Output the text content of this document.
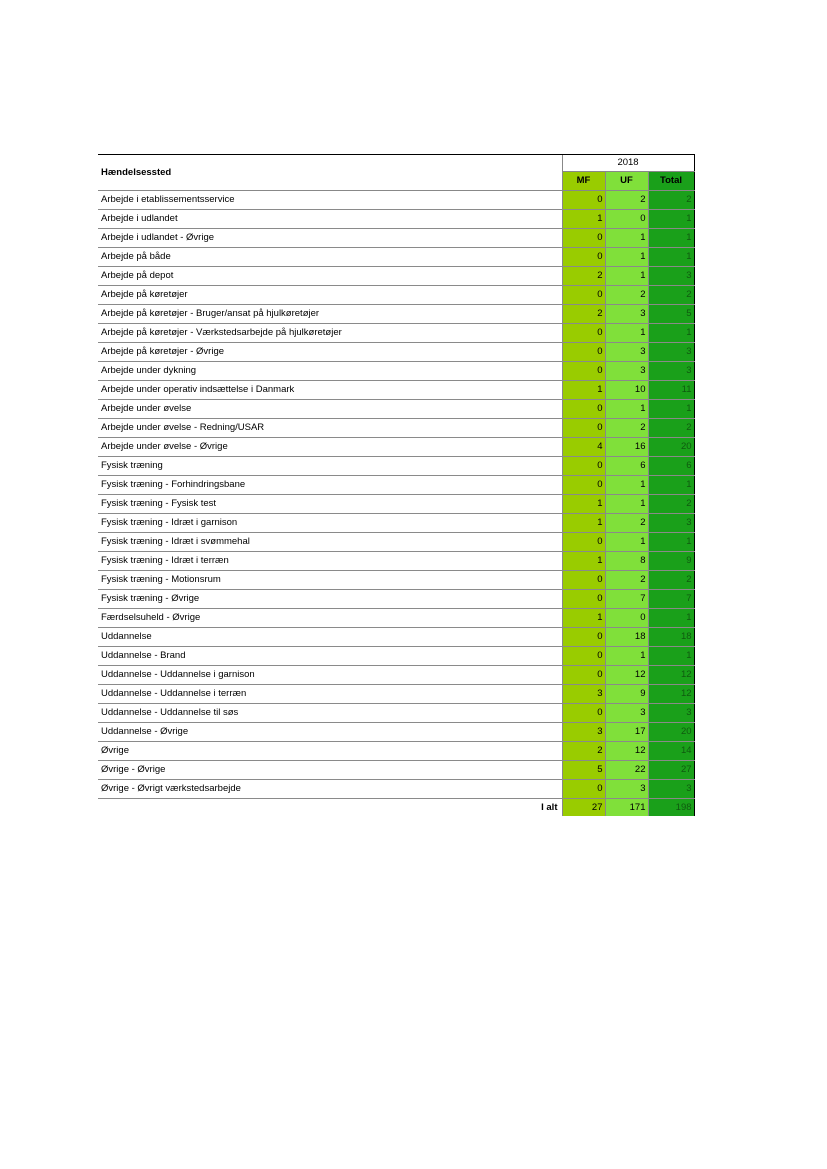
Hændelsessted	2018		
	MF	UF	Total
Arbejde i etablissementsservice	0	2	2
Arbejde i udlandet	1	0	1
Arbejde i udlandet - Øvrige	0	1	1
Arbejde på både	0	1	1
Arbejde på depot	2	1	3
Arbejde på køretøjer	0	2	2
Arbejde på køretøjer - Bruger/ansat på hjulkøretøjer	2	3	5
Arbejde på køretøjer - Værkstedsarbejde på hjulkøretøjer	0	1	1
Arbejde på køretøjer - Øvrige	0	3	3
Arbejde under dykning	0	3	3
Arbejde under operativ indsættelse i Danmark	1	10	11
Arbejde under øvelse	0	1	1
Arbejde under øvelse - Redning/USAR	0	2	2
Arbejde under øvelse - Øvrige	4	16	20
Fysisk træning	0	6	6
Fysisk træning - Forhindringsbane	0	1	1
Fysisk træning - Fysisk test	1	1	2
Fysisk træning - Idræt i garnison	1	2	3
Fysisk træning - Idræt i svømmehal	0	1	1
Fysisk træning - Idræt i terræn	1	8	9
Fysisk træning - Motionsrum	0	2	2
Fysisk træning - Øvrige	0	7	7
Færdselsuheld - Øvrige	1	0	1
Uddannelse	0	18	18
Uddannelse - Brand	0	1	1
Uddannelse - Uddannelse i garnison	0	12	12
Uddannelse - Uddannelse i terræn	3	9	12
Uddannelse - Uddannelse til søs	0	3	3
Uddannelse - Øvrige	3	17	20
Øvrige	2	12	14
Øvrige - Øvrige	5	22	27
Øvrige - Øvrigt værkstedsarbejde	0	3	3
I alt	27	171	198
